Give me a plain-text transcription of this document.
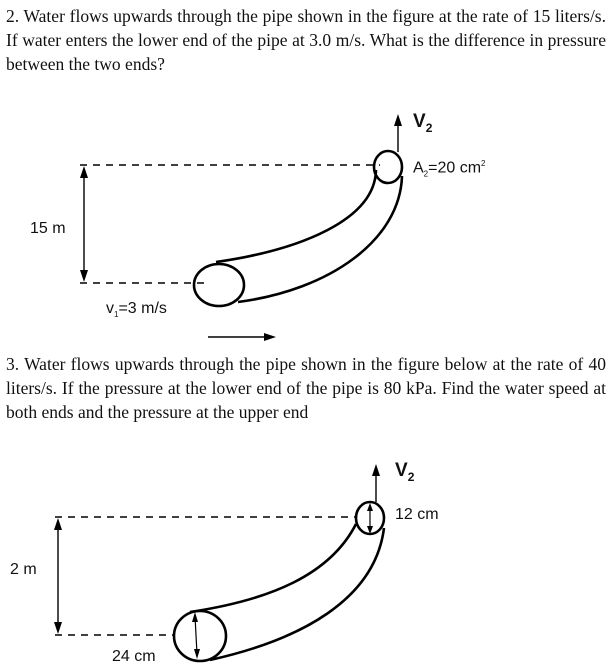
2. Water flows upwards through the pipe shown in the figure at the rate of 15 liters/s. If water enters the lower end of the pipe at 3.0 m/s. What is the difference in pressure between the two ends?

15 m
$V_2$
$A_2=20$ $cm^2$
$v_1=3$ m/s

3. Water flows upwards through the pipe shown in the figure below at the rate of 40 liters/s. If the pressure at the lower end of the pipe is 80 kPa. Find the water speed at both ends and the pressure at the upper end

2 m
$V_2$
12 cm
24 cm
